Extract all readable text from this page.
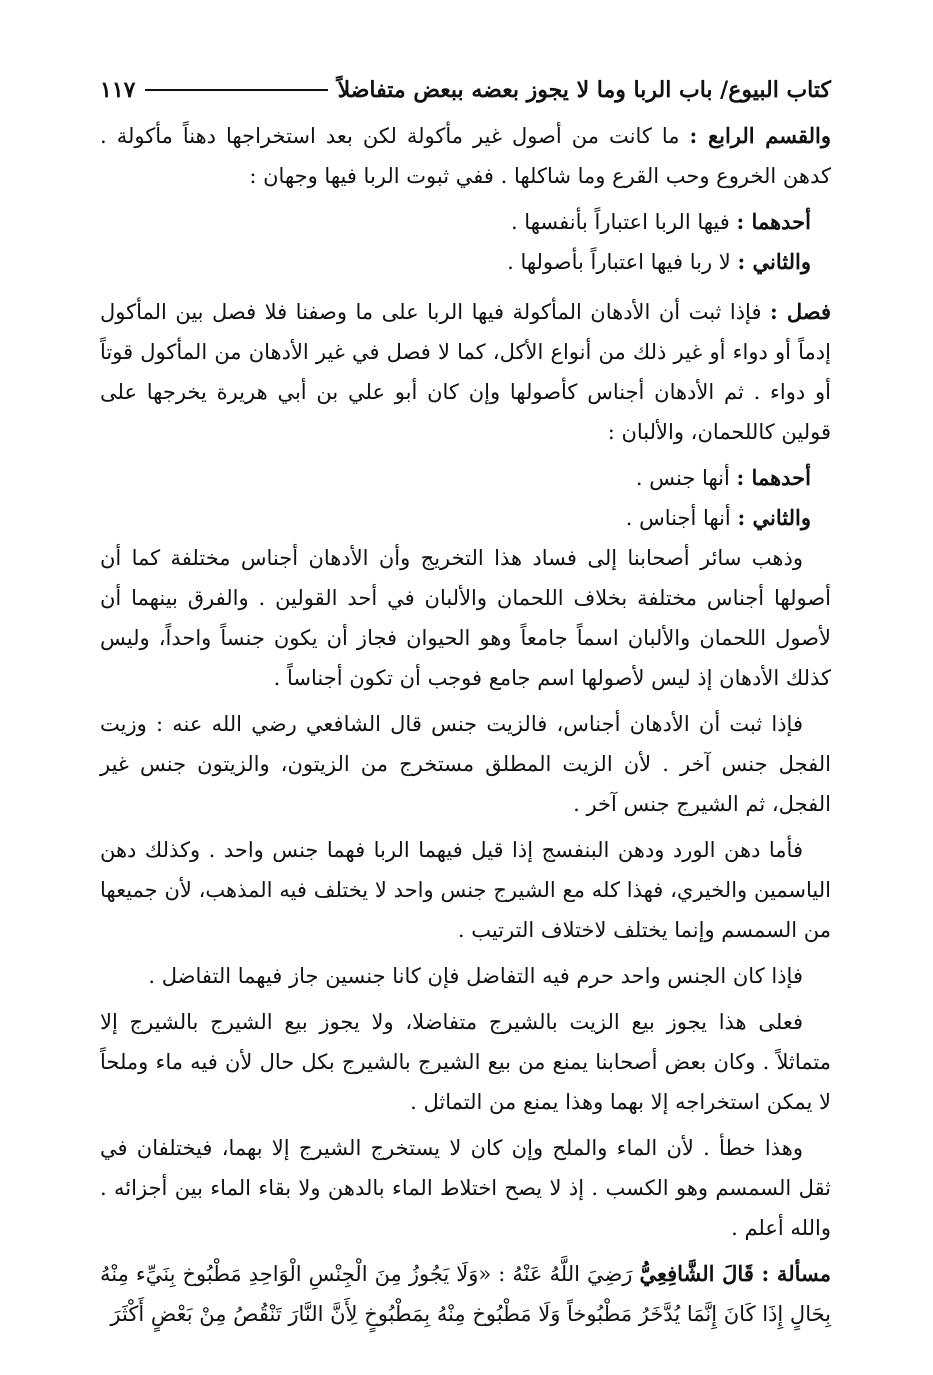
كتاب البيوع/ باب الربا وما لا يجوز بعضه ببعض متفاضلاً
١١٧

والقسم الرابع : ما كانت من أصول غير مأكولة لكن بعد استخراجها دهناً مأكولة . كدهن الخروع وحب القرع وما شاكلها . ففي ثبوت الربا فيها وجهان :

أحدهما : فيها الربا اعتباراً بأنفسها .
والثاني : لا ربا فيها اعتباراً بأصولها .

فصل : فإذا ثبت أن الأدهان المأكولة فيها الربا على ما وصفنا فلا فصل بين المأكول إدماً أو دواء أو غير ذلك من أنواع الأكل، كما لا فصل في غير الأدهان من المأكول قوتاً أو دواء . ثم الأدهان أجناس كأصولها وإن كان أبو علي بن أبي هريرة يخرجها على قولين كاللحمان، والألبان :

أحدهما : أنها جنس .
والثاني : أنها أجناس .

وذهب سائر أصحابنا إلى فساد هذا التخريج وأن الأدهان أجناس مختلفة كما أن أصولها أجناس مختلفة بخلاف اللحمان والألبان في أحد القولين . والفرق بينهما أن لأصول اللحمان والألبان اسماً جامعاً وهو الحيوان فجاز أن يكون جنساً واحداً، وليس كذلك الأدهان إذ ليس لأصولها اسم جامع فوجب أن تكون أجناساً .

فإذا ثبت أن الأدهان أجناس، فالزيت جنس قال الشافعي رضي الله عنه : وزيت الفجل جنس آخر . لأن الزيت المطلق مستخرج من الزيتون، والزيتون جنس غير الفجل، ثم الشيرج جنس آخر .

فأما دهن الورد ودهن البنفسج إذا قيل فيهما الربا فهما جنس واحد . وكذلك دهن الياسمين والخيري، فهذا كله مع الشيرج جنس واحد لا يختلف فيه المذهب، لأن جميعها من السمسم وإنما يختلف لاختلاف الترتيب .

فإذا كان الجنس واحد حرم فيه التفاضل فإن كانا جنسين جاز فيهما التفاضل .

فعلى هذا يجوز بيع الزيت بالشيرج متفاضلا، ولا يجوز بيع الشيرج بالشيرج إلا متماثلاً . وكان بعض أصحابنا يمنع من بيع الشيرج بالشيرج بكل حال لأن فيه ماء وملحاً لا يمكن استخراجه إلا بهما وهذا يمنع من التماثل .

وهذا خطأ . لأن الماء والملح وإن كان لا يستخرج الشيرج إلا بهما، فيختلفان في ثقل السمسم وهو الكسب . إذ لا يصح اختلاط الماء بالدهن ولا بقاء الماء بين أجزائه . والله أعلم .

مسألة : قَالَ الشَّافِعِيُّ رَضِيَ اللَّهُ عَنْهُ : «وَلَا يَجُوزُ مِنَ الْجِنْسِ الْوَاحِدِ مَطْبُوخ بِنَيِّء مِنْهُ بِحَالٍ إِذَا كَانَ إِنَّمَا يُدَّخَرُ مَطْبُوخاً وَلَا مَطْبُوخ مِنْهُ بِمَطْبُوخٍ لِأَنَّ النَّارَ تَنْقُصُ مِنْ بَعْضٍ أَكْثَرَ
